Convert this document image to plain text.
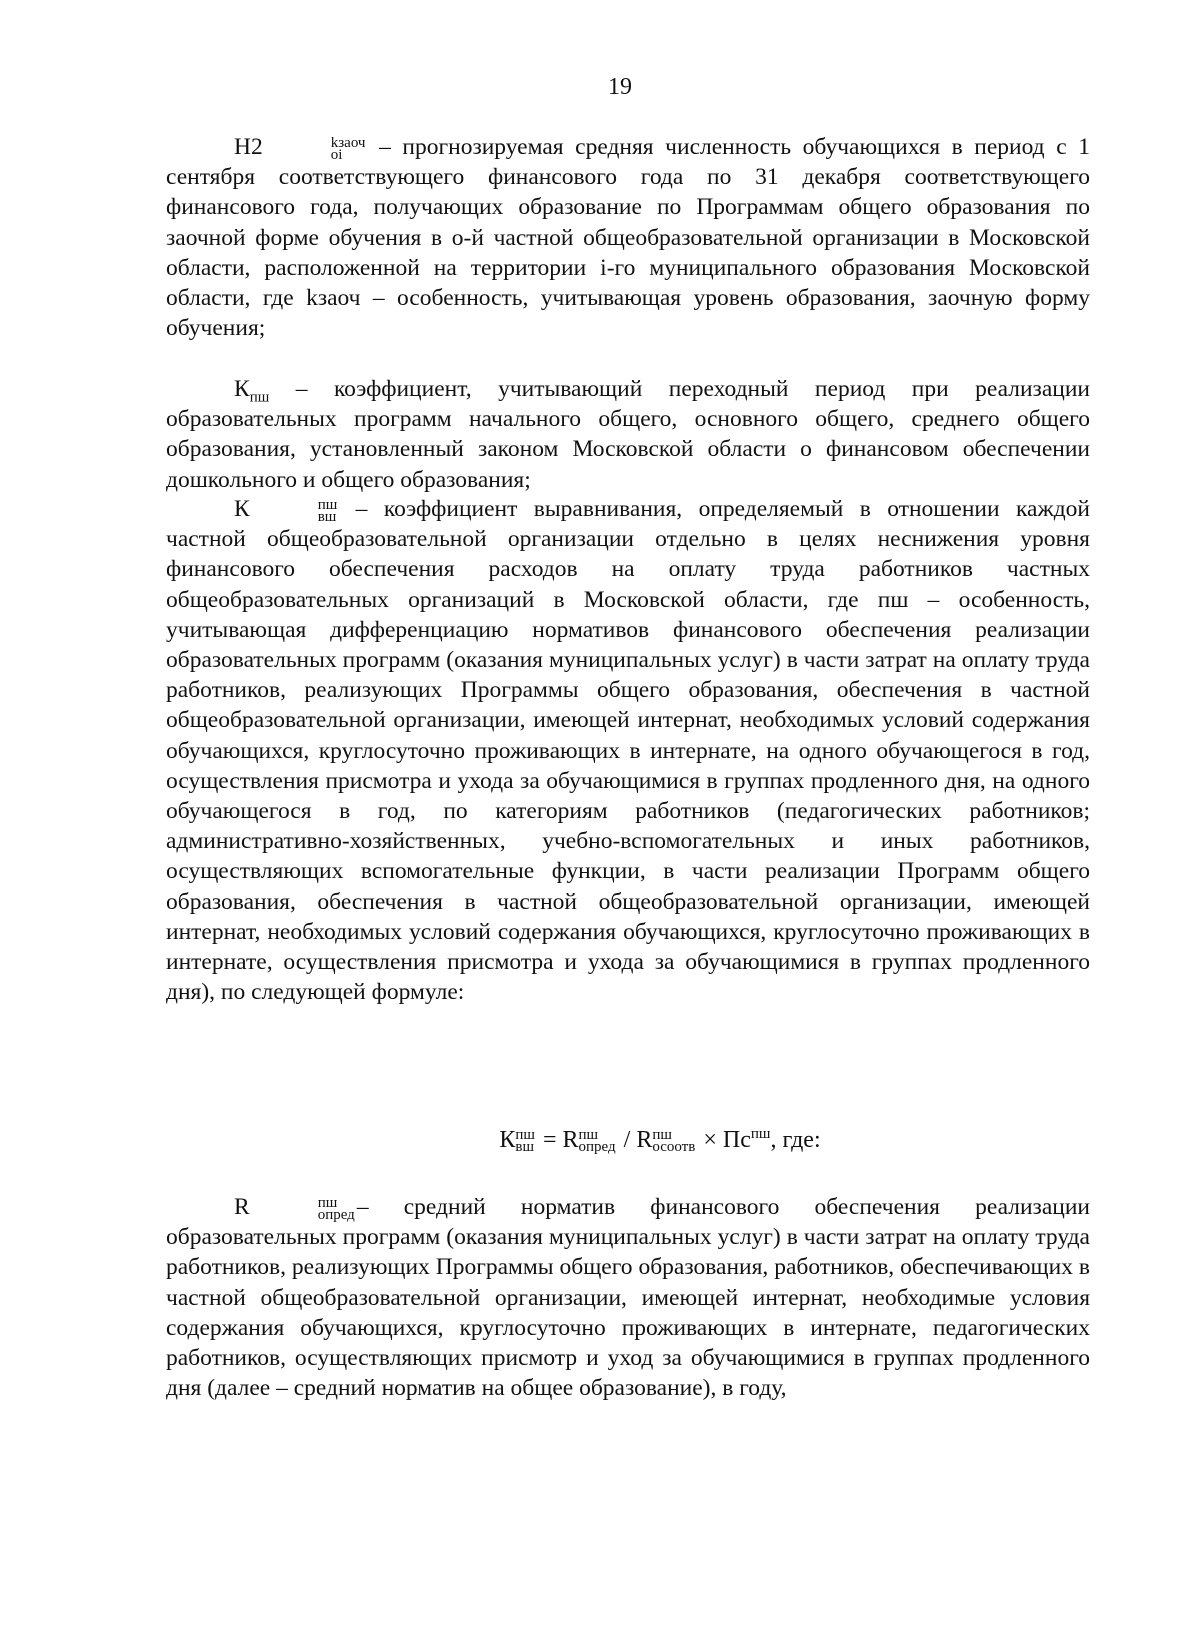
19

Н2	kзаоч
oi	– прогнозируемая средняя численность обучающихся в период с 1 сентября соответствующего финансового года по 31 декабря соответствующего финансового года, получающих образование по Программам общего образования по заочной форме обучения в о-й частной общеобразовательной организации в Московской области, расположенной на территории i-го муниципального образования Московской области, где kзаоч – особенность, учитывающая уровень образования, заочную форму обучения;

$К_{пш}$ – коэффициент, учитывающий переходный период при реализации образовательных программ начального общего, основного общего, среднего общего образования, установленный законом Московской области о финансовом обеспечении дошкольного и общего образования;

К	пш
вш – коэффициент выравнивания, определяемый в отношении каждой частной общеобразовательной организации отдельно в целях неснижения уровня финансового обеспечения расходов на оплату труда работников частных общеобразовательных организаций в Московской области, где пш – особенность, учитывающая дифференциацию нормативов финансового обеспечения реализации образовательных программ (оказания муниципальных услуг) в части затрат на оплату труда работников, реализующих Программы общего образования, обеспечения в частной общеобразовательной организации, имеющей интернат, необходимых условий содержания обучающихся, круглосуточно проживающих в интернате, на одного обучающегося в год, осуществления присмотра и ухода за обучающимися в группах продленного дня, на одного обучающегося в год, по категориям работников (педагогических работников; административно-хозяйственных, учебно-вспомогательных и иных работников, осуществляющих вспомогательные функции, в части реализации Программ общего образования, обеспечения в частной общеобразовательной организации, имеющей интернат, необходимых условий содержания обучающихся, круглосуточно проживающих в интернате, осуществления присмотра и ухода за обучающимися в группах продленного дня), по следующей формуле:

К пш
вш = R пш
опред / R пш
осоотв × $Пс^{пш}$, где:

R	пш
опред – средний норматив финансового обеспечения реализации образовательных программ (оказания муниципальных услуг) в части затрат на оплату труда работников, реализующих Программы общего образования, работников, обеспечивающих в частной общеобразовательной организации, имеющей интернат, необходимые условия содержания обучающихся, круглосуточно проживающих в интернате, педагогических работников, осуществляющих присмотр и уход за обучающимися в группах продленного дня (далее – средний норматив на общее образование), в году,
